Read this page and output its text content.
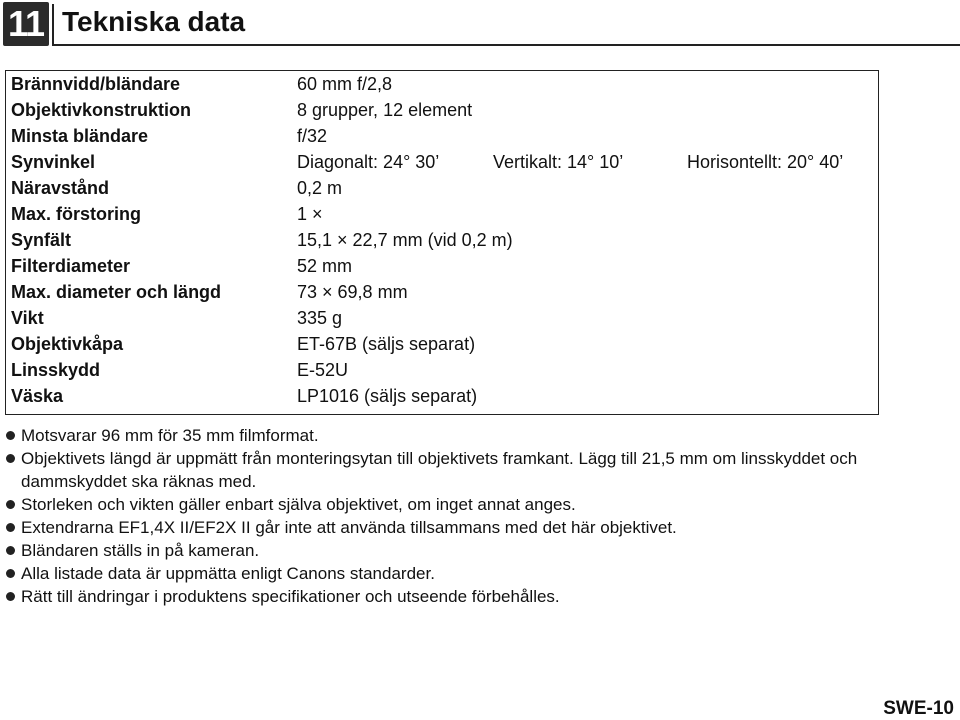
11 Tekniska data
Brännvidd/bländare	60 mm f/2,8
Objektivkonstruktion	8 grupper, 12 element
Minsta bländare	f/32
Synvinkel	Diagonalt: 24° 30’	Vertikalt: 14° 10’	Horisontellt: 20° 40’
Näravstånd	0,2 m
Max. förstoring	1 ×
Synfält	15,1 × 22,7 mm (vid 0,2 m)
Filterdiameter	52 mm
Max. diameter och längd	73 × 69,8 mm
Vikt	335 g
Objektivkåpa	ET-67B (säljs separat)
Linsskydd	E-52U
Väska	LP1016 (säljs separat)
Motsvarar 96 mm för 35 mm filmformat.
Objektivets längd är uppmätt från monteringsytan till objektivets framkant. Lägg till 21,5 mm om linsskyddet och dammskyddet ska räknas med.
Storleken och vikten gäller enbart själva objektivet, om inget annat anges.
Extendrarna EF1,4X II/EF2X II går inte att använda tillsammans med det här objektivet.
Bländaren ställs in på kameran.
Alla listade data är uppmätta enligt Canons standarder.
Rätt till ändringar i produktens specifikationer och utseende förbehålles.
SWE-10
